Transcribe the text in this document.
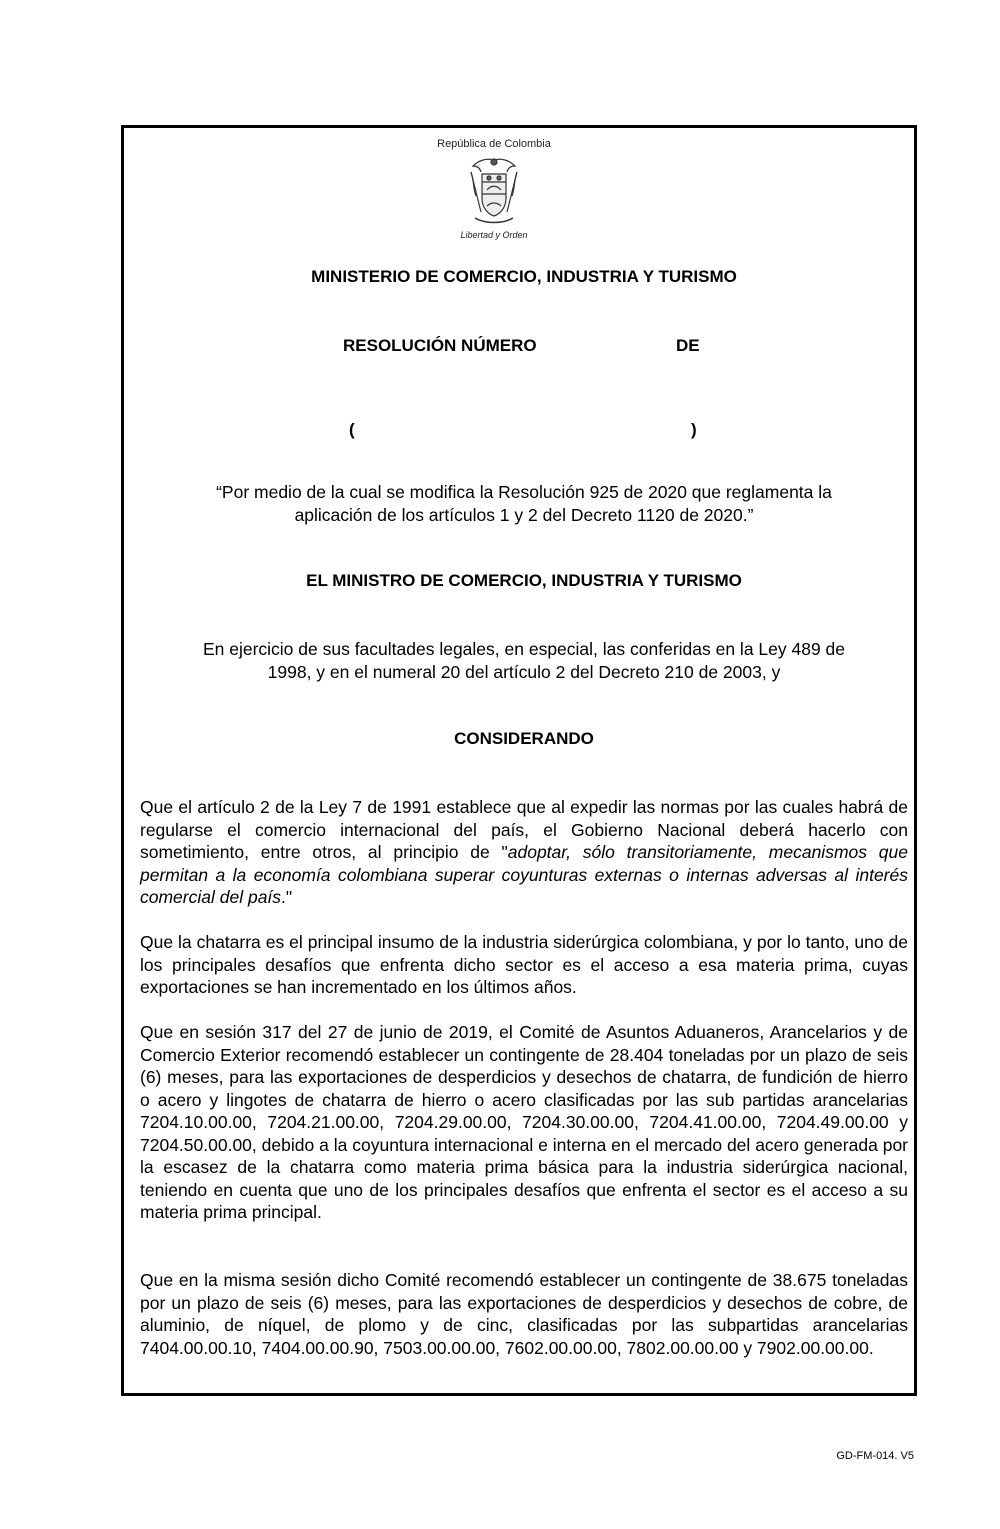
República de Colombia
Libertad y Orden
MINISTERIO DE COMERCIO, INDUSTRIA Y TURISMO
RESOLUCIÓN NÚMERO	DE
(	)
“Por medio de la cual se modifica la Resolución 925 de 2020 que reglamenta la
aplicación de los artículos 1 y 2 del Decreto 1120 de 2020.”
EL MINISTRO DE COMERCIO, INDUSTRIA Y TURISMO
En ejercicio de sus facultades legales, en especial, las conferidas en la Ley 489 de
1998, y en el numeral 20 del artículo 2 del Decreto 210 de 2003, y
CONSIDERANDO
Que el artículo 2 de la Ley 7 de 1991 establece que al expedir las normas por las cuales habrá de regularse el comercio internacional del país, el Gobierno Nacional deberá hacerlo con sometimiento, entre otros, al principio de "adoptar, sólo transitoriamente, mecanismos que permitan a la economía colombiana superar coyunturas externas o internas adversas al interés comercial del país."
Que la chatarra es el principal insumo de la industria siderúrgica colombiana, y por lo tanto, uno de los principales desafíos que enfrenta dicho sector es el acceso a esa materia prima, cuyas exportaciones se han incrementado en los últimos años.
Que en sesión 317 del 27 de junio de 2019, el Comité de Asuntos Aduaneros, Arancelarios y de Comercio Exterior recomendó establecer un contingente de 28.404 toneladas por un plazo de seis (6) meses, para las exportaciones de desperdicios y desechos de chatarra, de fundición de hierro o acero y lingotes de chatarra de hierro o acero clasificadas por las sub partidas arancelarias 7204.10.00.00, 7204.21.00.00, 7204.29.00.00, 7204.30.00.00, 7204.41.00.00, 7204.49.00.00 y 7204.50.00.00, debido a la coyuntura internacional e interna en el mercado del acero generada por la escasez de la chatarra como materia prima básica para la industria siderúrgica nacional, teniendo en cuenta que uno de los principales desafíos que enfrenta el sector es el acceso a su materia prima principal.
Que en la misma sesión dicho Comité recomendó establecer un contingente de 38.675 toneladas por un plazo de seis (6) meses, para las exportaciones de desperdicios y desechos de cobre, de aluminio, de níquel, de plomo y de cinc, clasificadas por las subpartidas arancelarias 7404.00.00.10, 7404.00.00.90, 7503.00.00.00, 7602.00.00.00, 7802.00.00.00 y 7902.00.00.00.
GD-FM-014. V5
